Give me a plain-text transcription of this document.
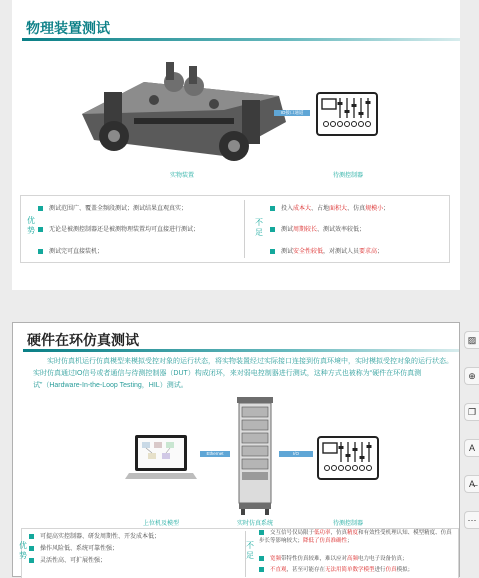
物理装置测试
实物装置
IO接口通道
待测控制器
优势
不足
测试范围广、覆盖全频段测试；测试结果直观真实；
无论是被测控制器还是被测物理装置均可直接进行测试；
测试完可直接装机；
投入成本大、占地面积大、仿真规模小；
测试周期较长、测试效率较低；
测试安全性较低，对测试人员要求高；
硬件在环仿真测试
实时仿真机运行仿真模型来模拟受控对象的运行状态，将实物装置经过实际接口连接到仿真环境中，实时模拟受控对象的运行状态。实时仿真通过IO信号或者通信与待测控制器（DUT）构成闭环，来对弱电控制器进行测试，这种方式也被称为“硬件在环仿真测试”（Hardware-In-the-Loop Testing，HIL）测试。
上位机及模型
Ethernet
实时仿真系统
I/O
待测控制器
优势
不足
可提高实控制器、研发周期性、开发成本低；
操作风险低、系统可靠性强；
灵活性高、可扩展性强；
交互信号仅局限于低功率，仿真精度和有效性受机理认知、模型精度、仿真步长等影响较大；降低了仿真准确性；
宽频带特性仿真较难，难以应对高频电力电子设备仿真；
不直观，甚至可能存在无法用简单数学模型进行仿真模拟；
▨
⊕
❐
A
A̶
⋯
